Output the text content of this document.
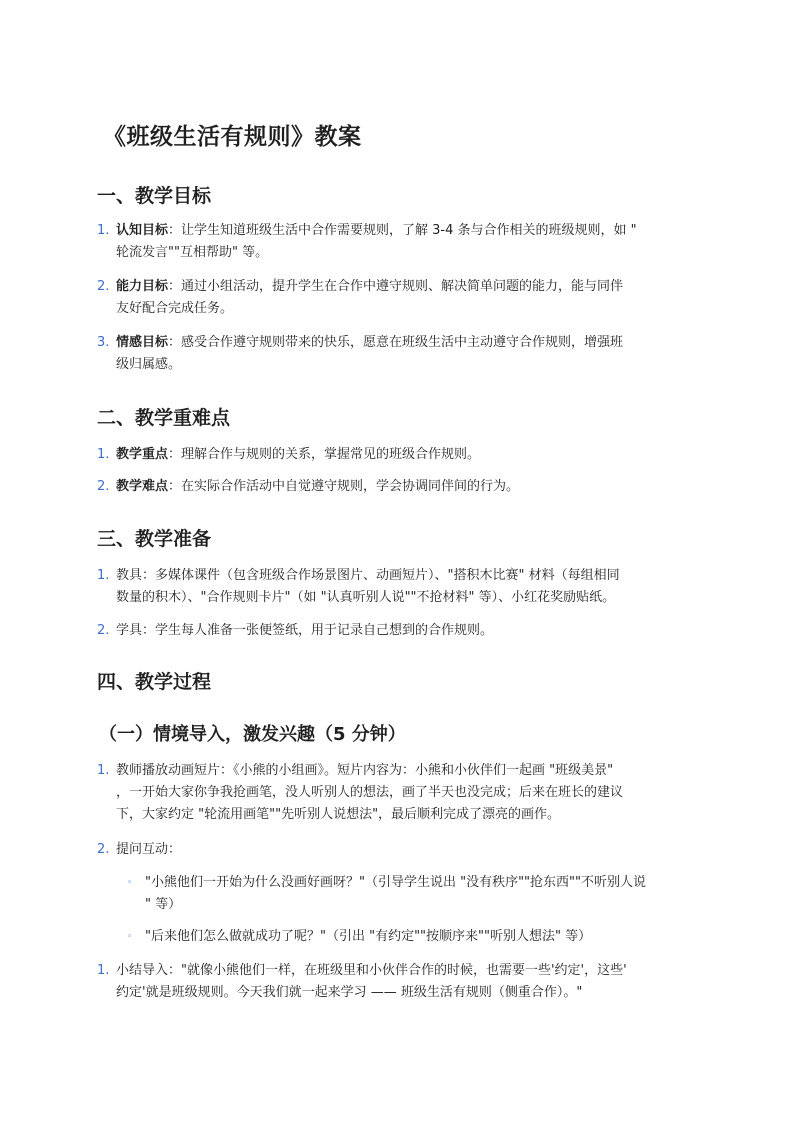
《班级生活有规则》教案
一、教学目标
1. 认知目标：让学生知道班级生活中合作需要规则，了解 3-4 条与合作相关的班级规则，如 "
轮流发言""互相帮助" 等。
2. 能力目标：通过小组活动，提升学生在合作中遵守规则、解决简单问题的能力，能与同伴
友好配合完成任务。
3. 情感目标：感受合作遵守规则带来的快乐，愿意在班级生活中主动遵守合作规则，增强班
级归属感。
二、教学重难点
1. 教学重点：理解合作与规则的关系，掌握常见的班级合作规则。
2. 教学难点：在实际合作活动中自觉遵守规则，学会协调同伴间的行为。
三、教学准备
1. 教具：多媒体课件（包含班级合作场景图片、动画短片）、"搭积木比赛" 材料（每组相同
数量的积木）、"合作规则卡片"（如 "认真听别人说""不抢材料" 等）、小红花奖励贴纸。
2. 学具：学生每人准备一张便签纸，用于记录自己想到的合作规则。
四、教学过程
（一）情境导入，激发兴趣（5 分钟）
1. 教师播放动画短片：《小熊的小组画》。短片内容为：小熊和小伙伴们一起画 "班级美景"
，一开始大家你争我抢画笔，没人听别人的想法，画了半天也没完成；后来在班长的建议
下，大家约定 "轮流用画笔""先听别人说想法"，最后顺利完成了漂亮的画作。
2. 提问互动：
◦ "小熊他们一开始为什么没画好画呀？"（引导学生说出 "没有秩序""抢东西""不听别人说
" 等）
◦ "后来他们怎么做就成功了呢？"（引出 "有约定""按顺序来""听别人想法" 等）
1. 小结导入："就像小熊他们一样，在班级里和小伙伴合作的时候，也需要一些'约定'，这些'
约定'就是班级规则。今天我们就一起来学习 —— 班级生活有规则（侧重合作）。"
